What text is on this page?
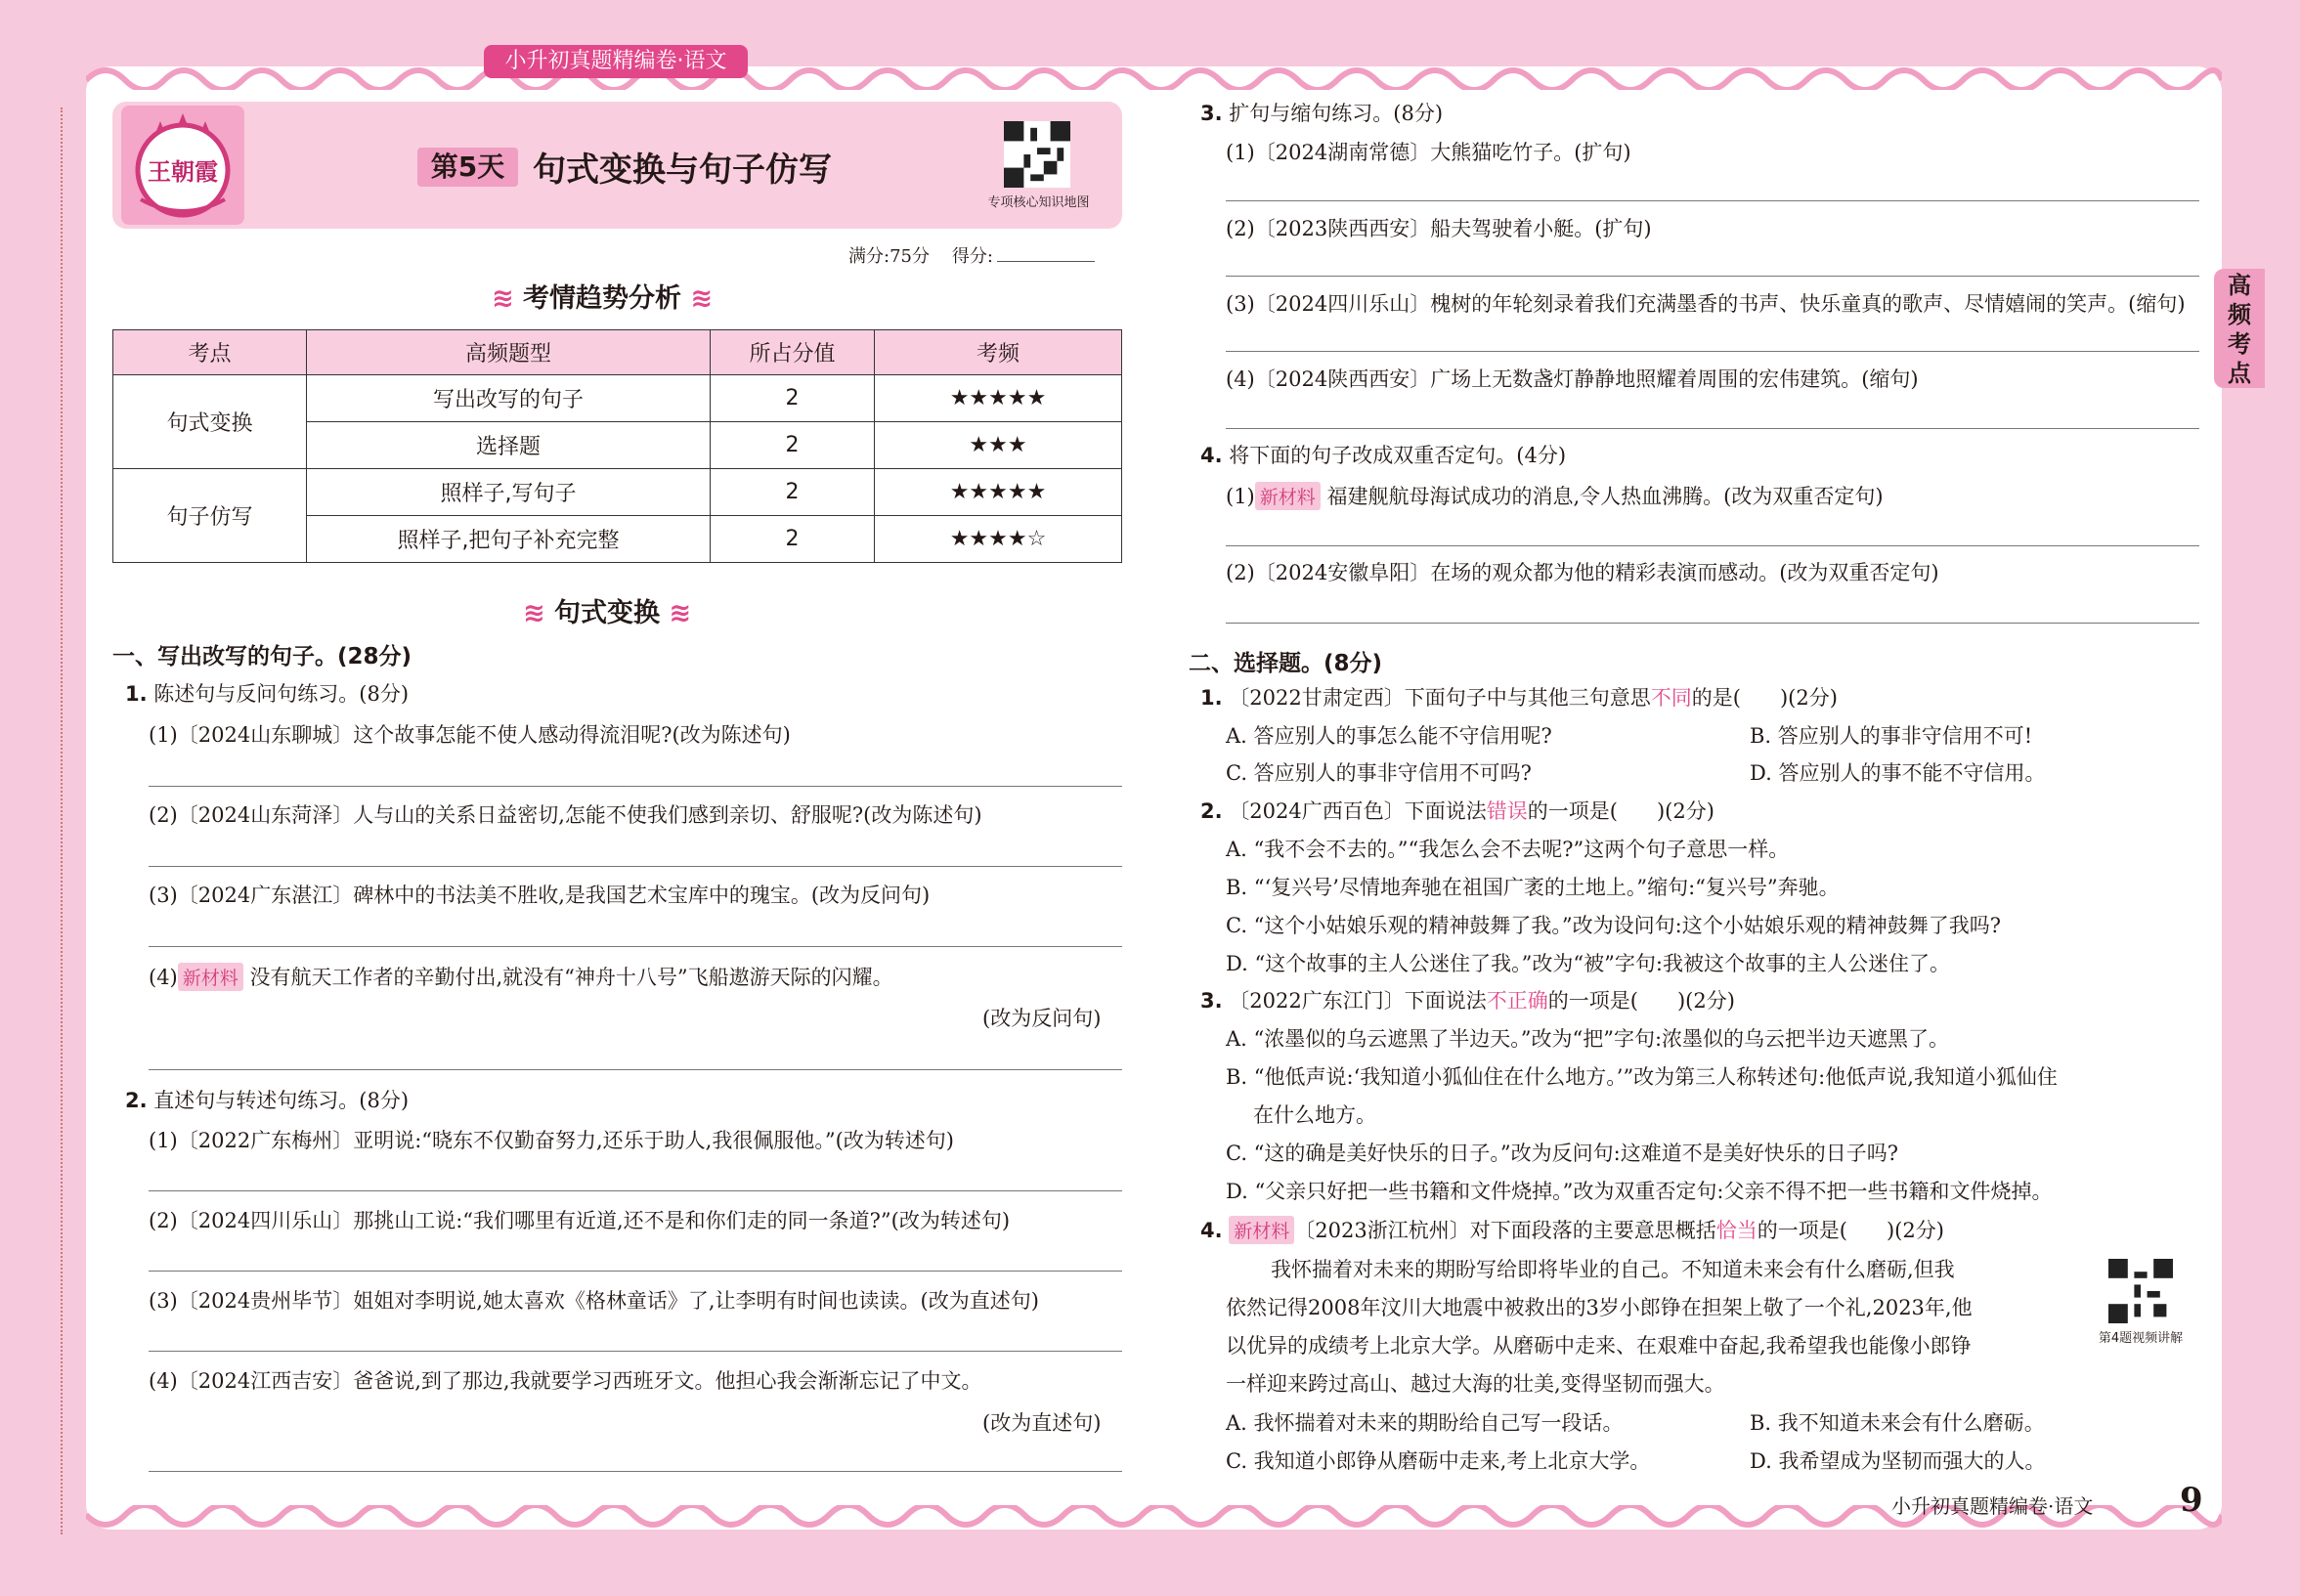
小升初真题精编卷·语文
王朝霞	第5天 句式变换与句子仿写
专项核心知识地图
满分:75分    得分:
≋ 考情趋势分析 ≋
考点	高频题型	所占分值	考频
句式变换	写出改写的句子	2	★★★★★
	选择题	2	★★★
句子仿写	照样子,写句子	2	★★★★★
	照样子,把句子补充完整	2	★★★★☆
≋ 句式变换 ≋
一、写出改写的句子。(28分)
1. 陈述句与反问句练习。(8分)
(1)〔2024山东聊城〕这个故事怎能不使人感动得流泪呢?(改为陈述句)
(2)〔2024山东菏泽〕人与山的关系日益密切,怎能不使我们感到亲切、舒服呢?(改为陈述句)
(3)〔2024广东湛江〕碑林中的书法美不胜收,是我国艺术宝库中的瑰宝。(改为反问句)
(4) 新材料 没有航天工作者的辛勤付出,就没有“神舟十八号”飞船遨游天际的闪耀。
(改为反问句)
2. 直述句与转述句练习。(8分)
(1)〔2022广东梅州〕亚明说:“晓东不仅勤奋努力,还乐于助人,我很佩服他。”(改为转述句)
(2)〔2024四川乐山〕那挑山工说:“我们哪里有近道,还不是和你们走的同一条道?”(改为转述句)
(3)〔2024贵州毕节〕姐姐对李明说,她太喜欢《格林童话》了,让李明有时间也读读。(改为直述句)
(4)〔2024江西吉安〕爸爸说,到了那边,我就要学习西班牙文。他担心我会渐渐忘记了中文。
(改为直述句)
3. 扩句与缩句练习。(8分)
(1)〔2024湖南常德〕大熊猫吃竹子。(扩句)
(2)〔2023陕西西安〕船夫驾驶着小艇。(扩句)
(3)〔2024四川乐山〕槐树的年轮刻录着我们充满墨香的书声、快乐童真的歌声、尽情嬉闹的笑声。(缩句)
(4)〔2024陕西西安〕广场上无数盏灯静静地照耀着周围的宏伟建筑。(缩句)
4. 将下面的句子改成双重否定句。(4分)
(1) 新材料 福建舰航母海试成功的消息,令人热血沸腾。(改为双重否定句)
(2)〔2024安徽阜阳〕在场的观众都为他的精彩表演而感动。(改为双重否定句)
二、选择题。(8分)
1. 〔2022甘肃定西〕下面句子中与其他三句意思不同的是(      )(2分)
A. 答应别人的事怎么能不守信用呢?	B. 答应别人的事非守信用不可!
C. 答应别人的事非守信用不可吗?	D. 答应别人的事不能不守信用。
2. 〔2024广西百色〕下面说法错误的一项是(      )(2分)
A. “我不会不去的。”“我怎么会不去呢?”这两个句子意思一样。
B. “‘复兴号’尽情地奔驰在祖国广袤的土地上。”缩句:“复兴号”奔驰。
C. “这个小姑娘乐观的精神鼓舞了我。”改为设问句:这个小姑娘乐观的精神鼓舞了我吗?
D. “这个故事的主人公迷住了我。”改为“被”字句:我被这个故事的主人公迷住了。
3. 〔2022广东江门〕下面说法不正确的一项是(      )(2分)
A. “浓墨似的乌云遮黑了半边天。”改为“把”字句:浓墨似的乌云把半边天遮黑了。
B. “他低声说:‘我知道小狐仙住在什么地方。’”改为第三人称转述句:他低声说,我知道小狐仙住
在什么地方。
C. “这的确是美好快乐的日子。”改为反问句:这难道不是美好快乐的日子吗?
D. “父亲只好把一些书籍和文件烧掉。”改为双重否定句:父亲不得不把一些书籍和文件烧掉。
4. 新材料 〔2023浙江杭州〕对下面段落的主要意思概括恰当的一项是(      )(2分)
我怀揣着对未来的期盼写给即将毕业的自己。不知道未来会有什么磨砺,但我
依然记得2008年汶川大地震中被救出的3岁小郎铮在担架上敬了一个礼,2023年,他
以优异的成绩考上北京大学。从磨砺中走来、在艰难中奋起,我希望我也能像小郎铮
一样迎来跨过高山、越过大海的壮美,变得坚韧而强大。
第4题视频讲解
A. 我怀揣着对未来的期盼给自己写一段话。	B. 我不知道未来会有什么磨砺。
C. 我知道小郎铮从磨砺中走来,考上北京大学。	D. 我希望成为坚韧而强大的人。
高频考点
小升初真题精编卷·语文	9
